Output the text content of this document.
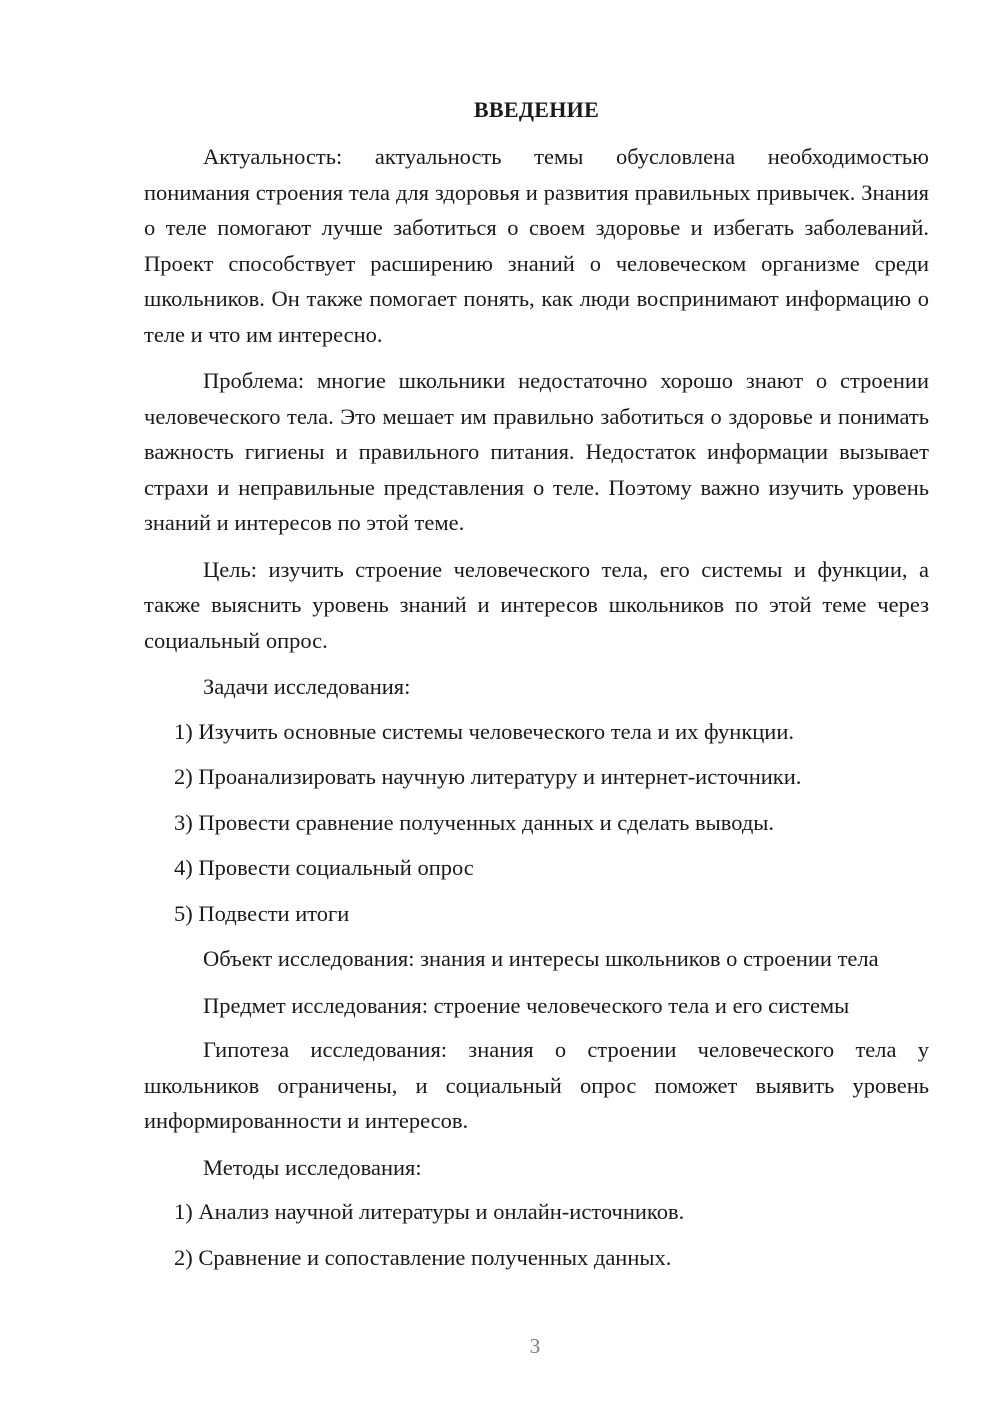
ВВЕДЕНИЕ

Актуальность: актуальность темы обусловлена необходимостью понимания строения тела для здоровья и развития правильных привычек. Знания о теле помогают лучше заботиться о своем здоровье и избегать заболеваний. Проект способствует расширению знаний о человеческом организме среди школьников. Он также помогает понять, как люди воспринимают информацию о теле и что им интересно.

Проблема: многие школьники недостаточно хорошо знают о строении человеческого тела. Это мешает им правильно заботиться о здоровье и понимать важность гигиены и правильного питания. Недостаток информации вызывает страхи и неправильные представления о теле. Поэтому важно изучить уровень знаний и интересов по этой теме.

Цель: изучить строение человеческого тела, его системы и функции, а также выяснить уровень знаний и интересов школьников по этой теме через социальный опрос.

Задачи исследования:

1) Изучить основные системы человеческого тела и их функции.
2) Проанализировать научную литературу и интернет-источники.
3) Провести сравнение полученных данных и сделать выводы.
4) Провести социальный опрос
5) Подвести итоги

Объект исследования: знания и интересы школьников о строении тела

Предмет исследования: строение человеческого тела и его системы

Гипотеза исследования: знания о строении человеческого тела у школьников ограничены, и социальный опрос поможет выявить уровень информированности и интересов.

Методы исследования:

1) Анализ научной литературы и онлайн-источников.
2) Сравнение и сопоставление полученных данных.
3
